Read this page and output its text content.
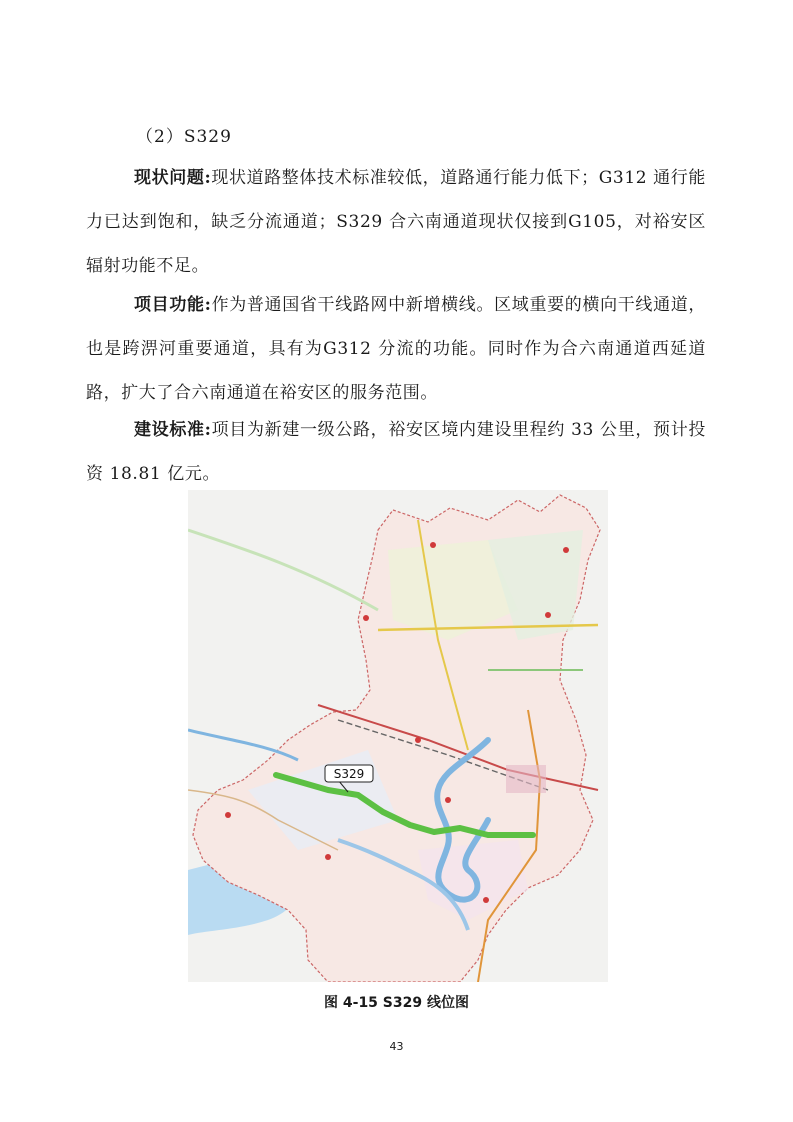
（2）S329
现状问题:现状道路整体技术标准较低，道路通行能力低下；G312 通行能力已达到饱和，缺乏分流通道；S329 合六南通道现状仅接到G105，对裕安区辐射功能不足。
项目功能:作为普通国省干线路网中新增横线。区域重要的横向干线通道，也是跨淠河重要通道，具有为G312 分流的功能。同时作为合六南通道西延道路，扩大了合六南通道在裕安区的服务范围。
建设标准:项目为新建一级公路，裕安区境内建设里程约 33 公里，预计投资 18.81 亿元。
S329
图 4-15 S329 线位图
43
